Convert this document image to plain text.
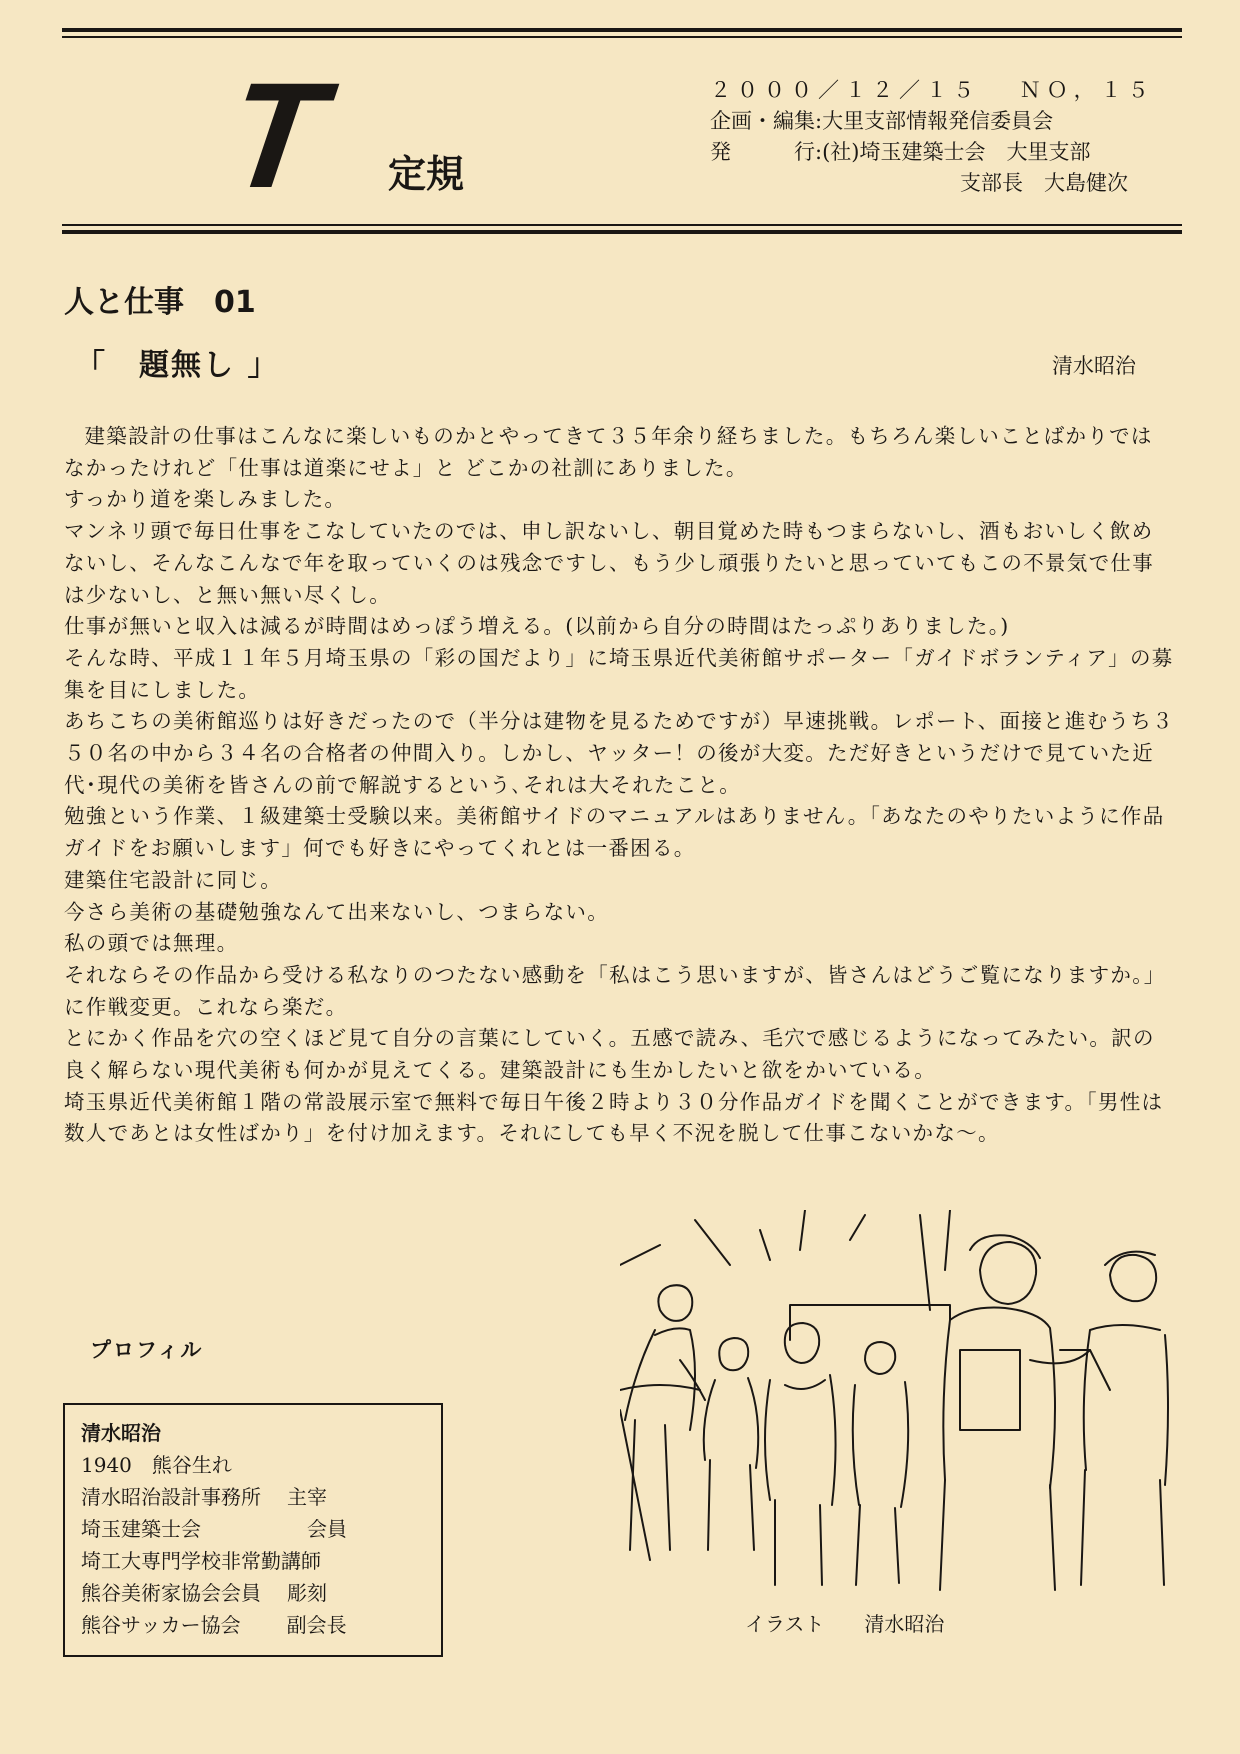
T 定規
２０００／１２／１５　 ＮＯ，１５
企画・編集:大里支部情報発信委員会
発　　　行:(社)埼玉建築士会　大里支部
支部長　大島健次
人と仕事　01
「　題無し 」	清水昭治

建築設計の仕事はこんなに楽しいものかとやってきて３５年余り経ちました。もちろん楽しいことばかりではなかったけれど「仕事は道楽にせよ」と どこかの社訓にありました。

すっかり道を楽しみました。

マンネリ頭で毎日仕事をこなしていたのでは、申し訳ないし、朝目覚めた時もつまらないし、酒もおいしく飲めないし、そんなこんなで年を取っていくのは残念ですし、もう少し頑張りたいと思っていてもこの不景気で仕事は少ないし、と無い無い尽くし。

仕事が無いと収入は減るが時間はめっぽう増える。(以前から自分の時間はたっぷりありました。)

そんな時、平成１１年５月埼玉県の「彩の国だより」に埼玉県近代美術館サポーター「ガイドボランティア」の募集を目にしました。

あちこちの美術館巡りは好きだったので（半分は建物を見るためですが）早速挑戦。レポート、面接と進むうち３５０名の中から３４名の合格者の仲間入り。しかし、ヤッター！の後が大変。ただ好きというだけで見ていた近代･現代の美術を皆さんの前で解説するという､それは大それたこと。

勉強という作業、１級建築士受験以来。美術館サイドのマニュアルはありません。「あなたのやりたいように作品ガイドをお願いします」何でも好きにやってくれとは一番困る。

建築住宅設計に同じ。

今さら美術の基礎勉強なんて出来ないし、つまらない。

私の頭では無理。

それならその作品から受ける私なりのつたない感動を「私はこう思いますが、皆さんはどうご覧になりますか。」に作戦変更。これなら楽だ。

とにかく作品を穴の空くほど見て自分の言葉にしていく。五感で読み、毛穴で感じるようになってみたい。訳の良く解らない現代美術も何かが見えてくる。建築設計にも生かしたいと欲をかいている。

埼玉県近代美術館１階の常設展示室で無料で毎日午後２時より３０分作品ガイドを聞くことができます。「男性は数人であとは女性ばかり」を付け加えます。それにしても早く不況を脱して仕事こないかな～。

プロフィル
清水昭治
1940　熊谷生れ
清水昭治設計事務所 主宰
埼玉建築士会	会員
埼工大専門学校非常勤講師
熊谷美術家協会会員 彫刻
熊谷サッカー協会 副会長	イラスト　　清水昭治
